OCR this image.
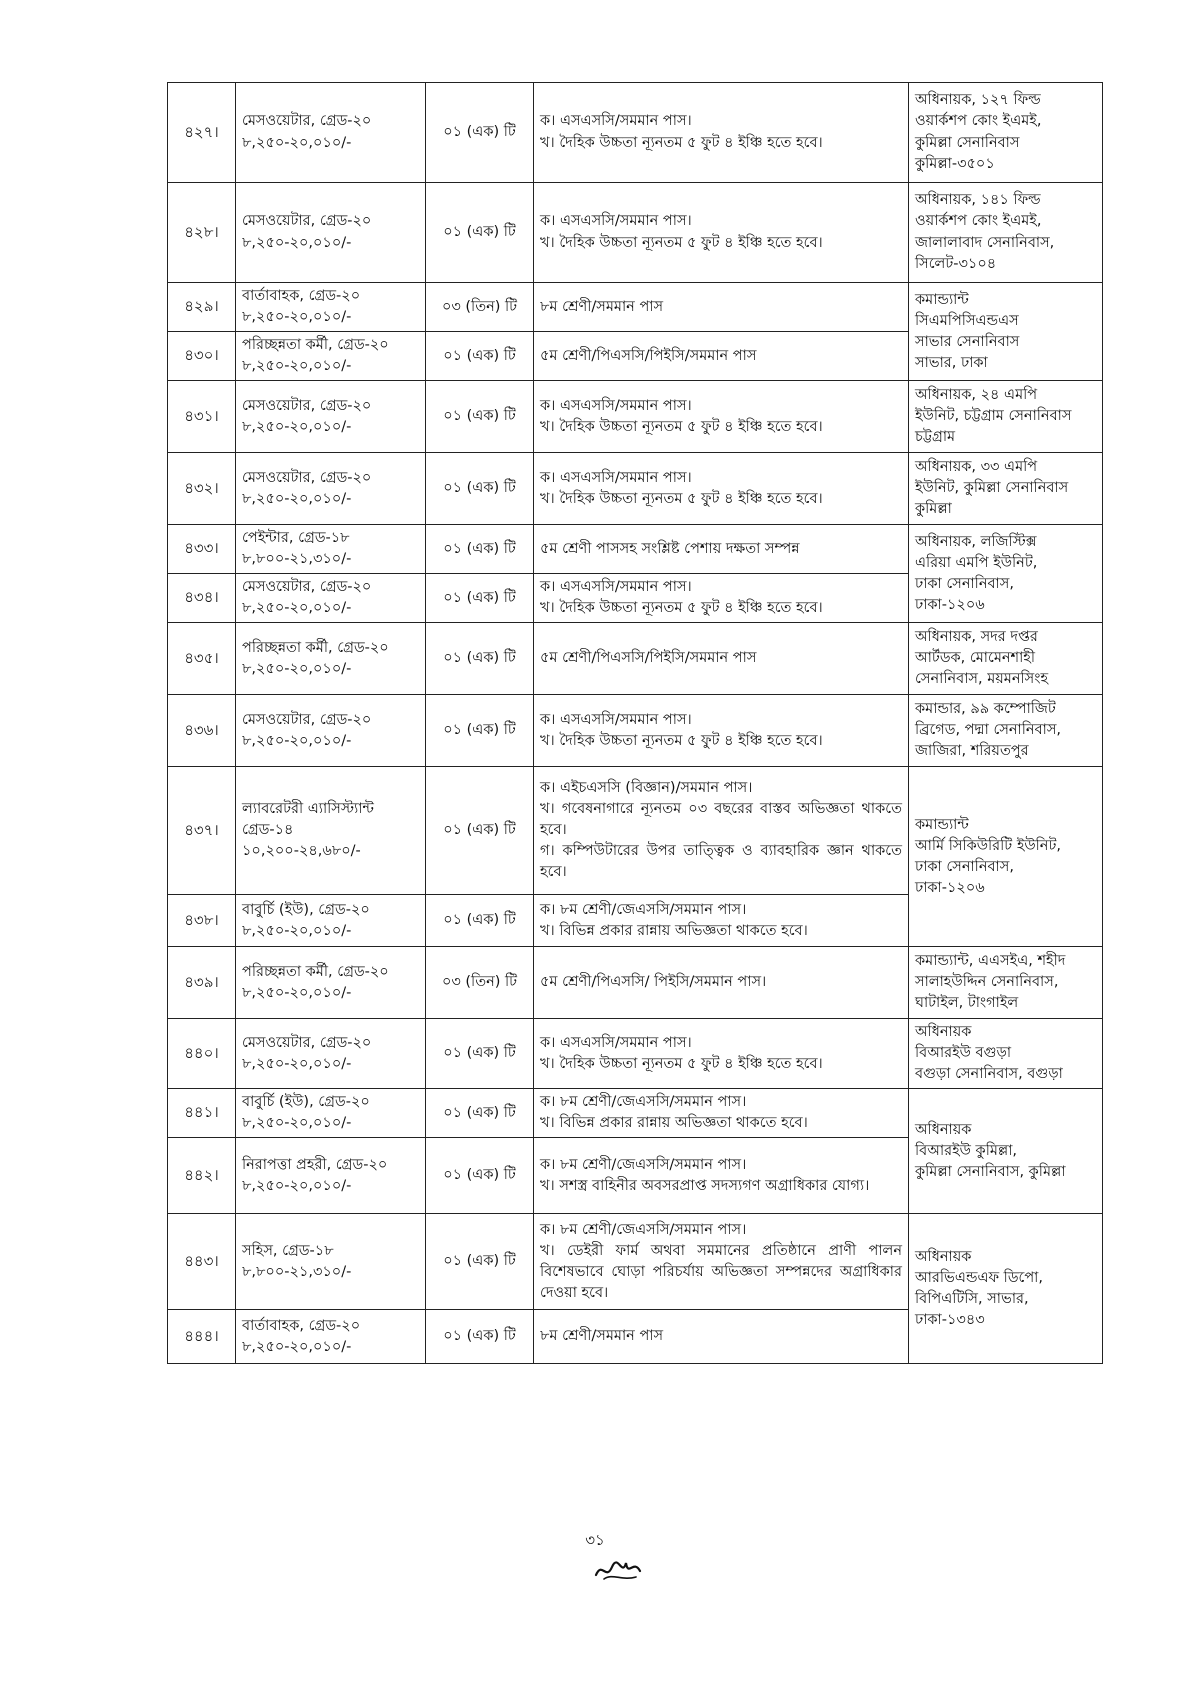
৪২৭।	মেসওয়েটার, গ্রেড-২০
৮,২৫০-২০,০১০/-	০১ (এক) টি	ক। এসএসসি/সমমান পাস।
খ। দৈহিক উচ্চতা ন্যূনতম ৫ ফুট ৪ ইঞ্চি হতে হবে।	অধিনায়ক, ১২৭ ফিল্ড
ওয়ার্কশপ কোং ইএমই,
কুমিল্লা সেনানিবাস
কুমিল্লা-৩৫০১

৪২৮।	মেসওয়েটার, গ্রেড-২০
৮,২৫০-২০,০১০/-	০১ (এক) টি	ক। এসএসসি/সমমান পাস।
খ। দৈহিক উচ্চতা ন্যূনতম ৫ ফুট ৪ ইঞ্চি হতে হবে।	অধিনায়ক, ১৪১ ফিল্ড
ওয়ার্কশপ কোং ইএমই,
জালালাবাদ সেনানিবাস,
সিলেট-৩১০৪

৪২৯।	বার্তাবাহক, গ্রেড-২০
৮,২৫০-২০,০১০/-	০৩ (তিন) টি	৮ম শ্রেণী/সমমান পাস	কমান্ড্যান্ট
সিএমপিসিএন্ডএস
সাভার সেনানিবাস
সাভার, ঢাকা

৪৩০।	পরিচ্ছন্নতা কর্মী, গ্রেড-২০
৮,২৫০-২০,০১০/-	০১ (এক) টি	৫ম শ্রেণী/পিএসসি/পিইসি/সমমান পাস	

৪৩১।	মেসওয়েটার, গ্রেড-২০
৮,২৫০-২০,০১০/-	০১ (এক) টি	ক। এসএসসি/সমমান পাস।
খ। দৈহিক উচ্চতা ন্যূনতম ৫ ফুট ৪ ইঞ্চি হতে হবে।	অধিনায়ক, ২৪ এমপি
ইউনিট, চট্টগ্রাম সেনানিবাস
চট্টগ্রাম

৪৩২।	মেসওয়েটার, গ্রেড-২০
৮,২৫০-২০,০১০/-	০১ (এক) টি	ক। এসএসসি/সমমান পাস।
খ। দৈহিক উচ্চতা ন্যূনতম ৫ ফুট ৪ ইঞ্চি হতে হবে।	অধিনায়ক, ৩৩ এমপি
ইউনিট, কুমিল্লা সেনানিবাস
কুমিল্লা

৪৩৩।	পেইন্টার, গ্রেড-১৮
৮,৮০০-২১,৩১০/-	০১ (এক) টি	৫ম শ্রেণী পাসসহ সংশ্লিষ্ট পেশায় দক্ষতা সম্পন্ন	অধিনায়ক, লজিস্টিক্স
এরিয়া এমপি ইউনিট,
ঢাকা সেনানিবাস,
ঢাকা-১২০৬

৪৩৪।	মেসওয়েটার, গ্রেড-২০
৮,২৫০-২০,০১০/-	০১ (এক) টি	ক। এসএসসি/সমমান পাস।
খ। দৈহিক উচ্চতা ন্যূনতম ৫ ফুট ৪ ইঞ্চি হতে হবে।	

৪৩৫।	পরিচ্ছন্নতা কর্মী, গ্রেড-২০
৮,২৫০-২০,০১০/-	০১ (এক) টি	৫ম শ্রেণী/পিএসসি/পিইসি/সমমান পাস	অধিনায়ক, সদর দপ্তর
আর্টডক, মোমেনশাহী
সেনানিবাস, ময়মনসিংহ

৪৩৬।	মেসওয়েটার, গ্রেড-২০
৮,২৫০-২০,০১০/-	০১ (এক) টি	ক। এসএসসি/সমমান পাস।
খ। দৈহিক উচ্চতা ন্যূনতম ৫ ফুট ৪ ইঞ্চি হতে হবে।	কমান্ডার, ৯৯ কম্পোজিট
ব্রিগেড, পদ্মা সেনানিবাস,
জাজিরা, শরিয়তপুর

৪৩৭।	ল্যাবরেটরী এ্যাসিস্ট্যান্ট
গ্রেড-১৪
১০,২০০-২৪,৬৮০/-	০১ (এক) টি	ক। এইচএসসি (বিজ্ঞান)/সমমান পাস।
খ। গবেষনাগারে ন্যূনতম ০৩ বছরের বাস্তব অভিজ্ঞতা থাকতে হবে।
গ। কম্পিউটারের উপর তাত্ত্বিক ও ব্যাবহারিক জ্ঞান থাকতে হবে।	কমান্ড্যান্ট
আর্মি সিকিউরিটি ইউনিট,
ঢাকা সেনানিবাস,
ঢাকা-১২০৬

৪৩৮।	বাবুর্চি (ইউ), গ্রেড-২০
৮,২৫০-২০,০১০/-	০১ (এক) টি	ক। ৮ম শ্রেণী/জেএসসি/সমমান পাস।
খ। বিভিন্ন প্রকার রান্নায় অভিজ্ঞতা থাকতে হবে।	

৪৩৯।	পরিচ্ছন্নতা কর্মী, গ্রেড-২০
৮,২৫০-২০,০১০/-	০৩ (তিন) টি	৫ম শ্রেণী/পিএসসি/ পিইসি/সমমান পাস।	কমান্ড্যান্ট, এএসইএ, শহীদ
সালাহউদ্দিন সেনানিবাস,
ঘাটাইল, টাংগাইল

৪৪০।	মেসওয়েটার, গ্রেড-২০
৮,২৫০-২০,০১০/-	০১ (এক) টি	ক। এসএসসি/সমমান পাস।
খ। দৈহিক উচ্চতা ন্যূনতম ৫ ফুট ৪ ইঞ্চি হতে হবে।	অধিনায়ক
বিআরইউ বগুড়া
বগুড়া সেনানিবাস, বগুড়া

৪৪১।	বাবুর্চি (ইউ), গ্রেড-২০
৮,২৫০-২০,০১০/-	০১ (এক) টি	ক। ৮ম শ্রেণী/জেএসসি/সমমান পাস।
খ। বিভিন্ন প্রকার রান্নায় অভিজ্ঞতা থাকতে হবে।	অধিনায়ক
বিআরইউ কুমিল্লা,
কুমিল্লা সেনানিবাস, কুমিল্লা

৪৪২।	নিরাপত্তা প্রহরী, গ্রেড-২০
৮,২৫০-২০,০১০/-	০১ (এক) টি	ক। ৮ম শ্রেণী/জেএসসি/সমমান পাস।
খ। সশস্ত্র বাহিনীর অবসরপ্রাপ্ত সদস্যগণ অগ্রাধিকার যোগ্য।	

৪৪৩।	সহিস, গ্রেড-১৮
৮,৮০০-২১,৩১০/-	০১ (এক) টি	ক। ৮ম শ্রেণী/জেএসসি/সমমান পাস।
খ। ডেইরী ফার্ম অথবা সমমানের প্রতিষ্ঠানে প্রাণী পালন বিশেষভাবে ঘোড়া পরিচর্যায় অভিজ্ঞতা সম্পন্নদের অগ্রাধিকার দেওয়া হবে।	অধিনায়ক
আরভিএন্ডএফ ডিপো,
বিপিএটিসি, সাভার,
ঢাকা-১৩৪৩

৪৪৪।	বার্তাবাহক, গ্রেড-২০
৮,২৫০-২০,০১০/-	০১ (এক) টি	৮ম শ্রেণী/সমমান পাস	
৩১
